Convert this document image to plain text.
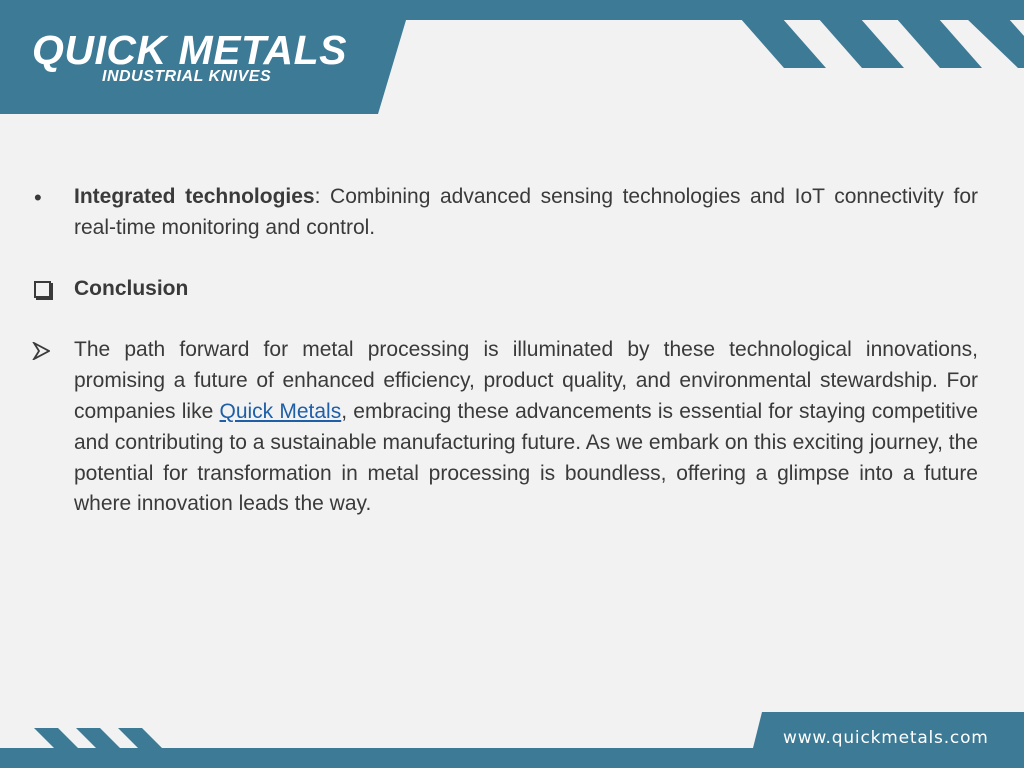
QUICK METALS
INDUSTRIAL KNIVES
• Integrated technologies: Combining advanced sensing technologies and IoT connectivity for real-time monitoring and control.
Conclusion
The path forward for metal processing is illuminated by these technological innovations, promising a future of enhanced efficiency, product quality, and environmental stewardship. For companies like Quick Metals, embracing these advancements is essential for staying competitive and contributing to a sustainable manufacturing future. As we embark on this exciting journey, the potential for transformation in metal processing is boundless, offering a glimpse into a future where innovation leads the way.
www.quickmetals.com
